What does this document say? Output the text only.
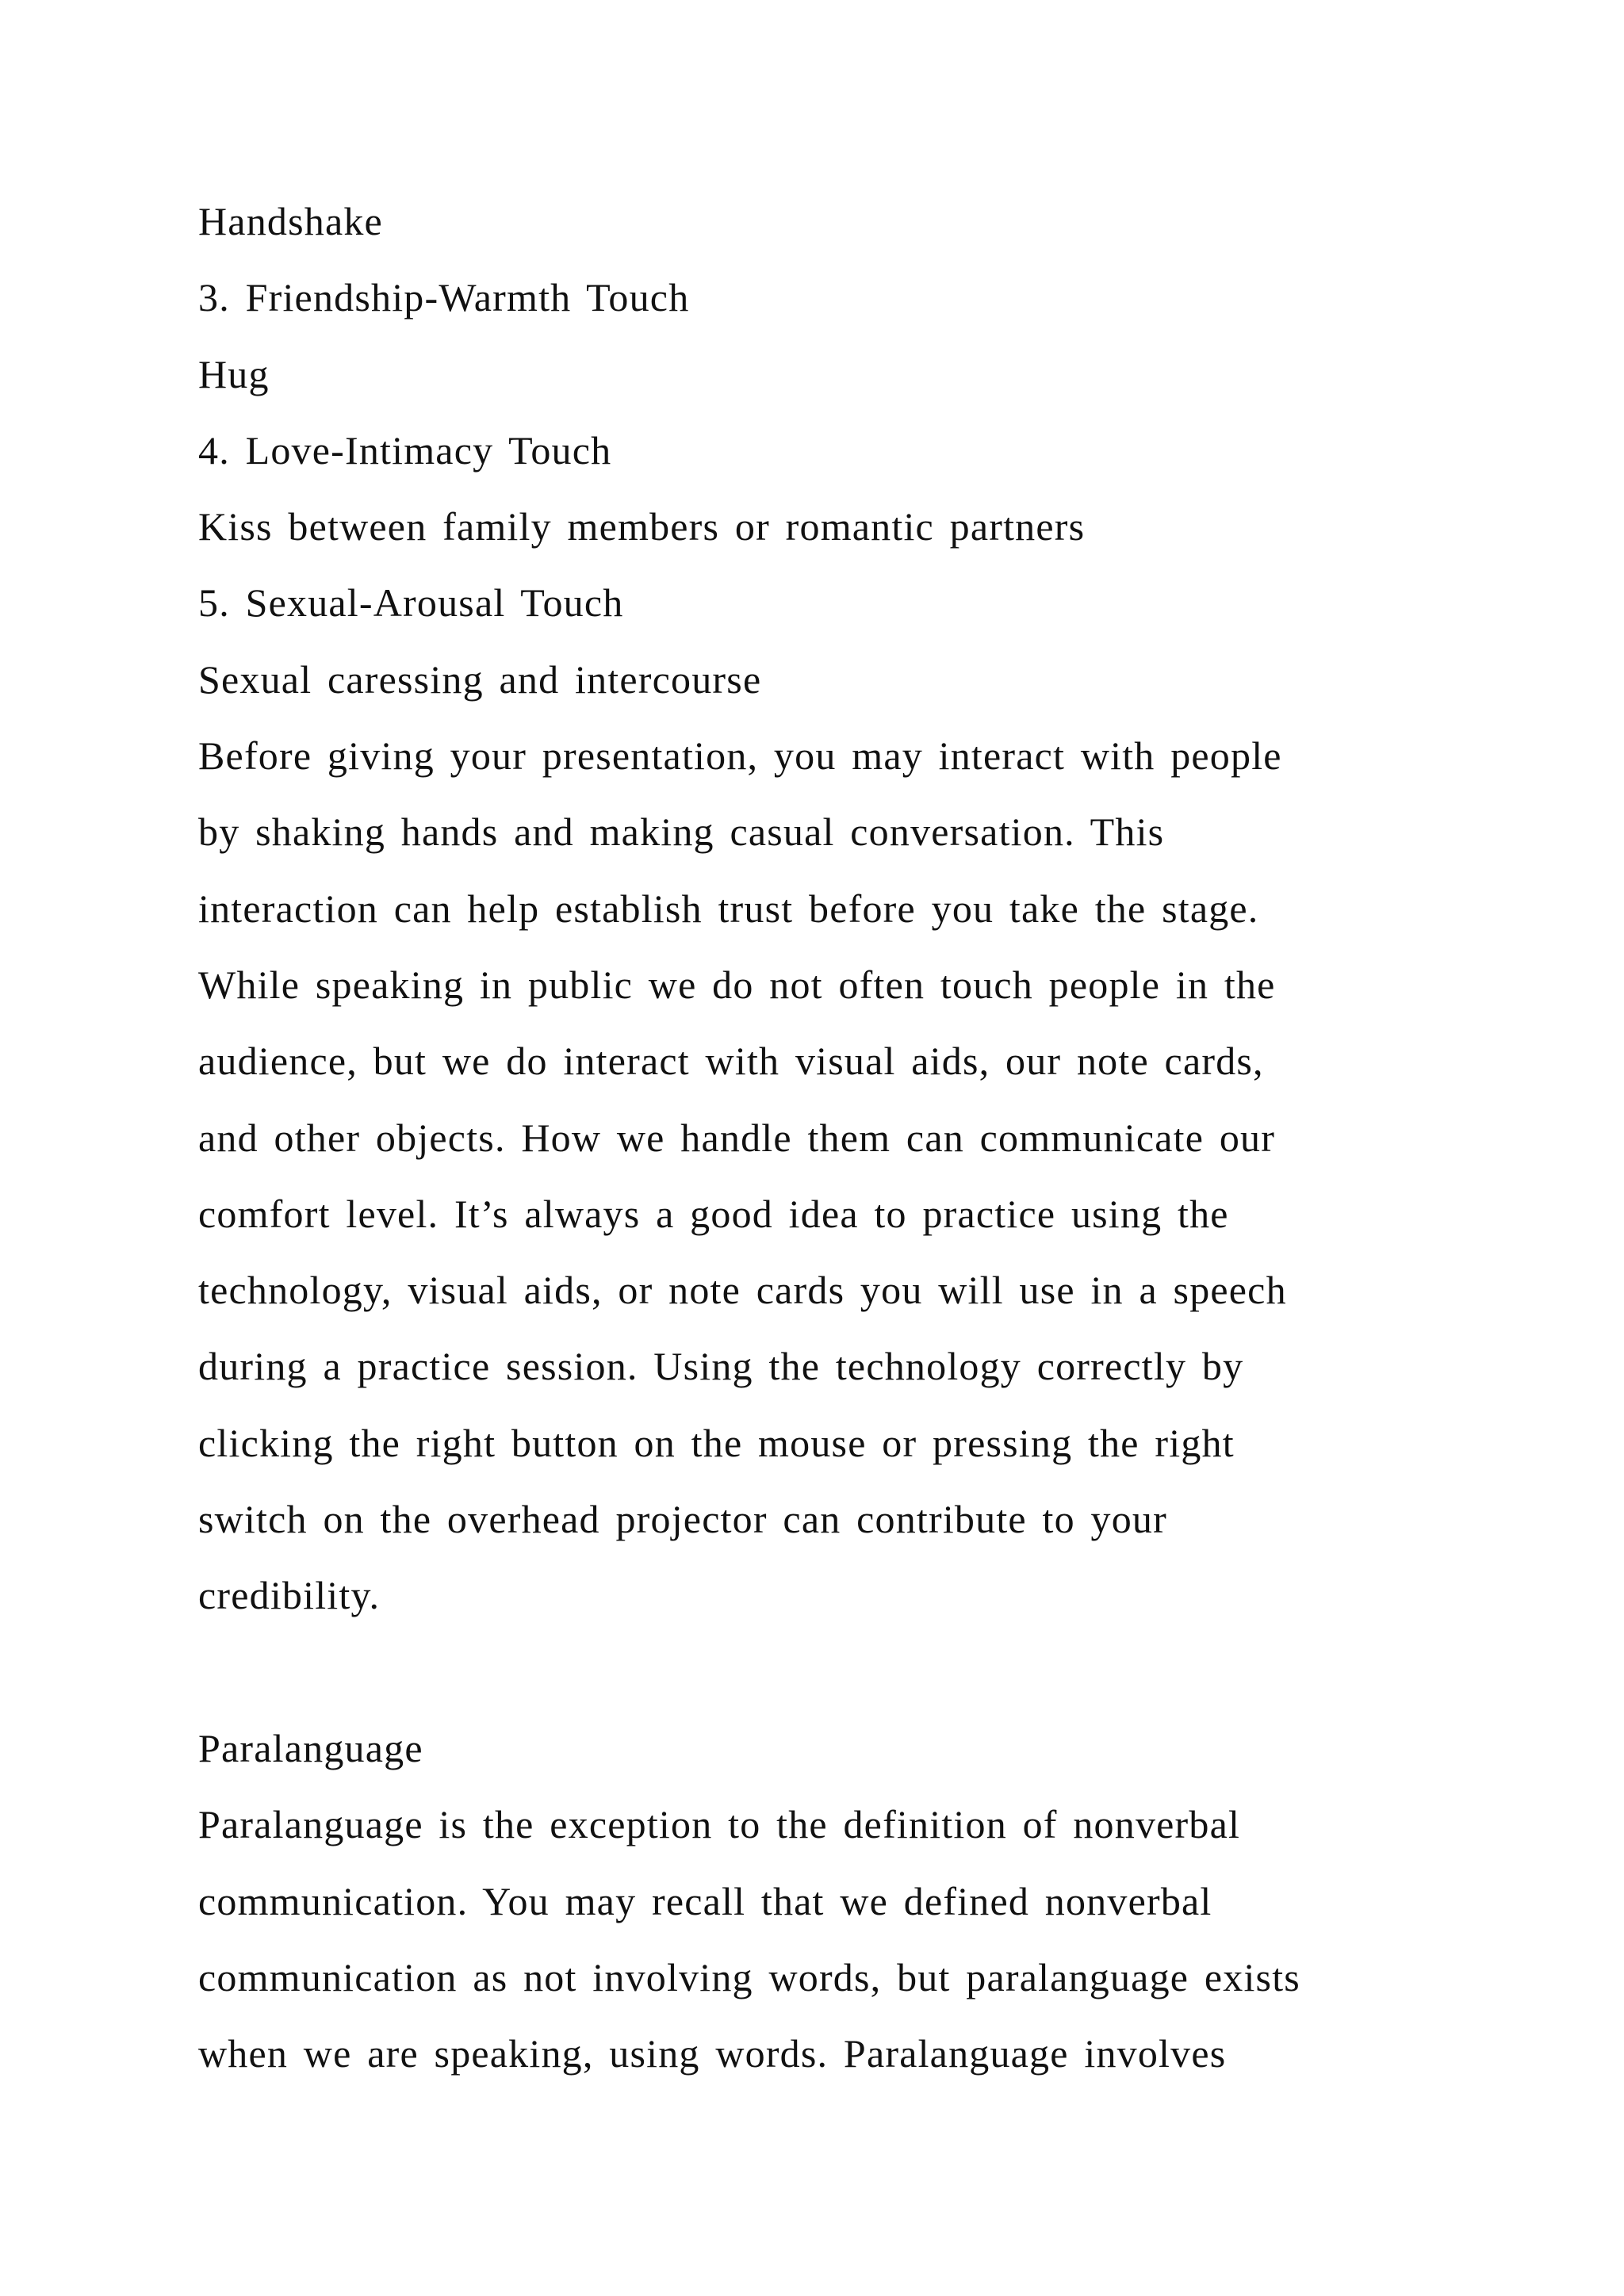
Handshake
3. Friendship-Warmth Touch
Hug
4. Love-Intimacy Touch
Kiss between family members or romantic partners
5. Sexual-Arousal Touch
Sexual caressing and intercourse
Before giving your presentation, you may interact with people
by shaking hands and making casual conversation. This
interaction can help establish trust before you take the stage.
While speaking in public we do not often touch people in the
audience, but we do interact with visual aids, our note cards,
and other objects. How we handle them can communicate our
comfort level. It’s always a good idea to practice using the
technology, visual aids, or note cards you will use in a speech
during a practice session. Using the technology correctly by
clicking the right button on the mouse or pressing the right
switch on the overhead projector can contribute to your
credibility.
Paralanguage
Paralanguage is the exception to the definition of nonverbal
communication. You may recall that we defined nonverbal
communication as not involving words, but paralanguage exists
when we are speaking, using words. Paralanguage involves
